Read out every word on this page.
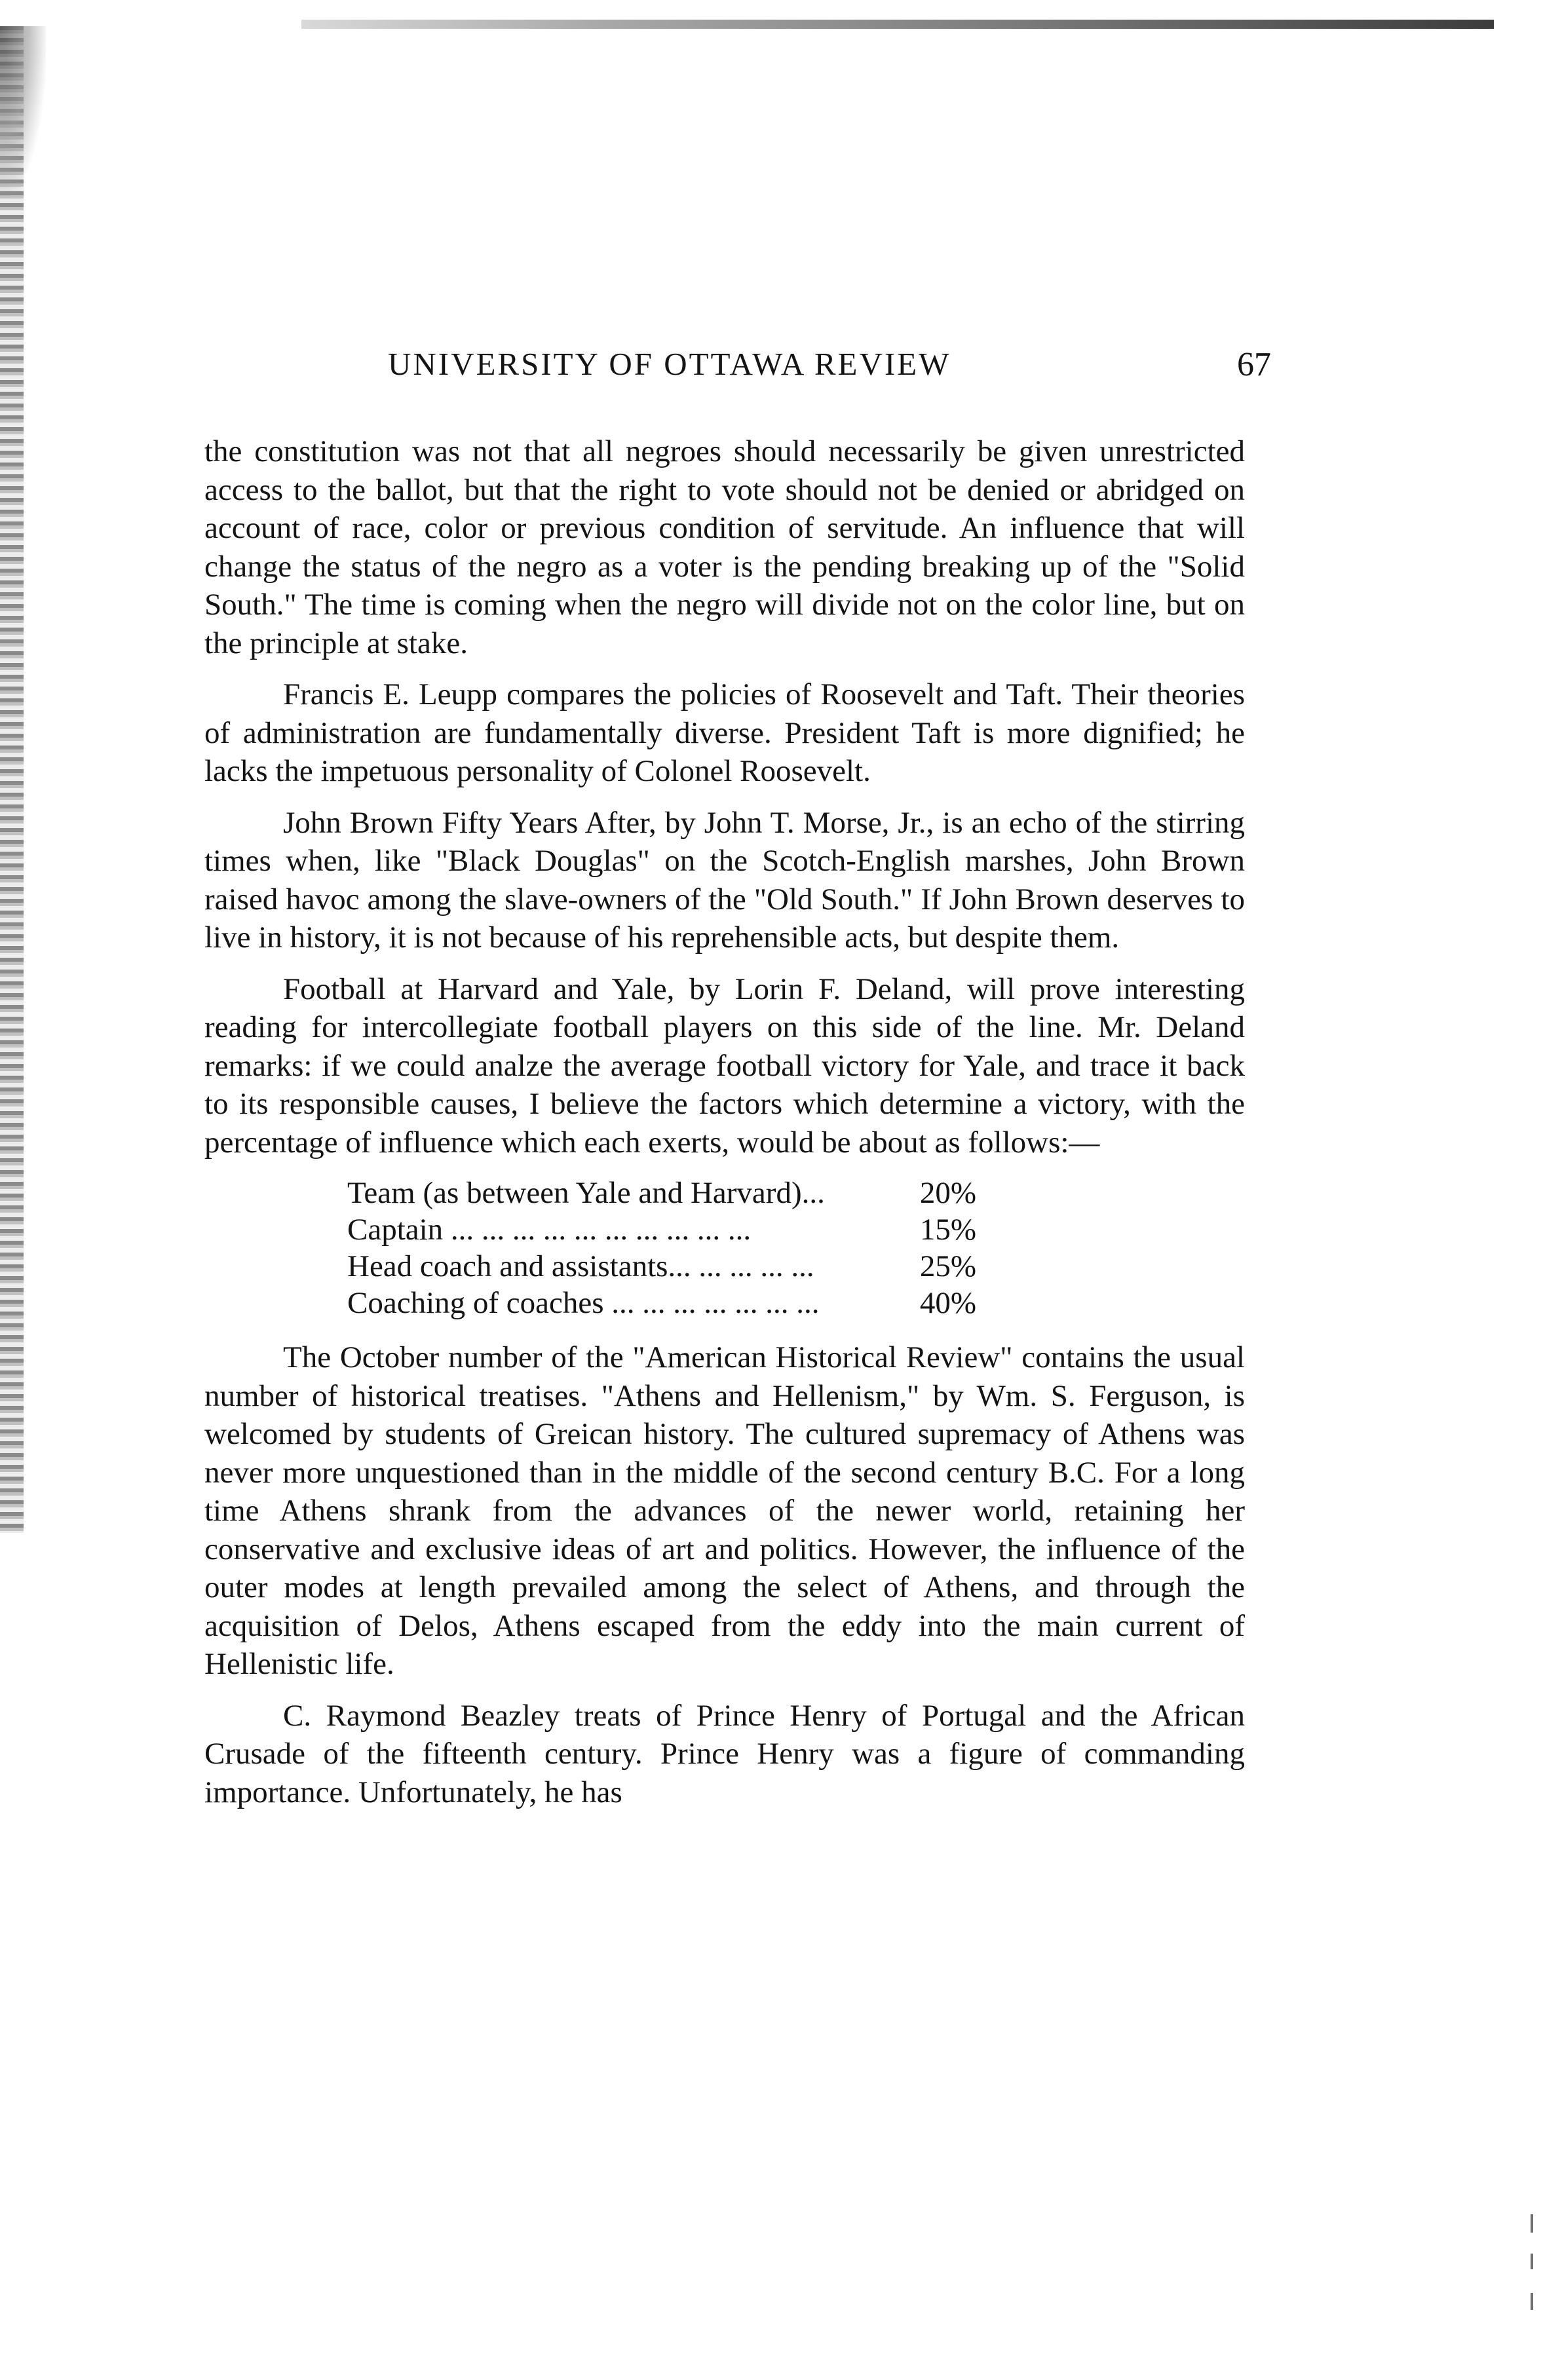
UNIVERSITY OF OTTAWA REVIEW	67

the constitution was not that all negroes should necessarily be given unrestricted access to the ballot, but that the right to vote should not be denied or abridged on account of race, color or previous condition of servitude. An influence that will change the status of the negro as a voter is the pending breaking up of the "Solid South." The time is coming when the negro will divide not on the color line, but on the principle at stake.

Francis E. Leupp compares the policies of Roosevelt and Taft. Their theories of administration are fundamentally diverse. President Taft is more dignified; he lacks the impetuous personality of Colonel Roosevelt.

John Brown Fifty Years After, by John T. Morse, Jr., is an echo of the stirring times when, like "Black Douglas" on the Scotch-English marshes, John Brown raised havoc among the slave-owners of the "Old South." If John Brown deserves to live in history, it is not because of his reprehensible acts, but despite them.

Football at Harvard and Yale, by Lorin F. Deland, will prove interesting reading for intercollegiate football players on this side of the line. Mr. Deland remarks: if we could analze the average football victory for Yale, and trace it back to its responsible causes, I believe the factors which determine a victory, with the percentage of influence which each exerts, would be about as follows:—

Team (as between Yale and Harvard)...	20%
Captain ... ... ... ... ... ... ... ... ... ...	15%
Head coach and assistants... ... ... ... ...	25%
Coaching of coaches ... ... ... ... ... ... ...	40%

The October number of the "American Historical Review" contains the usual number of historical treatises. "Athens and Hellenism," by Wm. S. Ferguson, is welcomed by students of Greican history. The cultured supremacy of Athens was never more unquestioned than in the middle of the second century B.C. For a long time Athens shrank from the advances of the newer world, retaining her conservative and exclusive ideas of art and politics. However, the influence of the outer modes at length prevailed among the select of Athens, and through the acquisition of Delos, Athens escaped from the eddy into the main current of Hellenistic life.

C. Raymond Beazley treats of Prince Henry of Portugal and the African Crusade of the fifteenth century. Prince Henry was a figure of commanding importance. Unfortunately, he has
